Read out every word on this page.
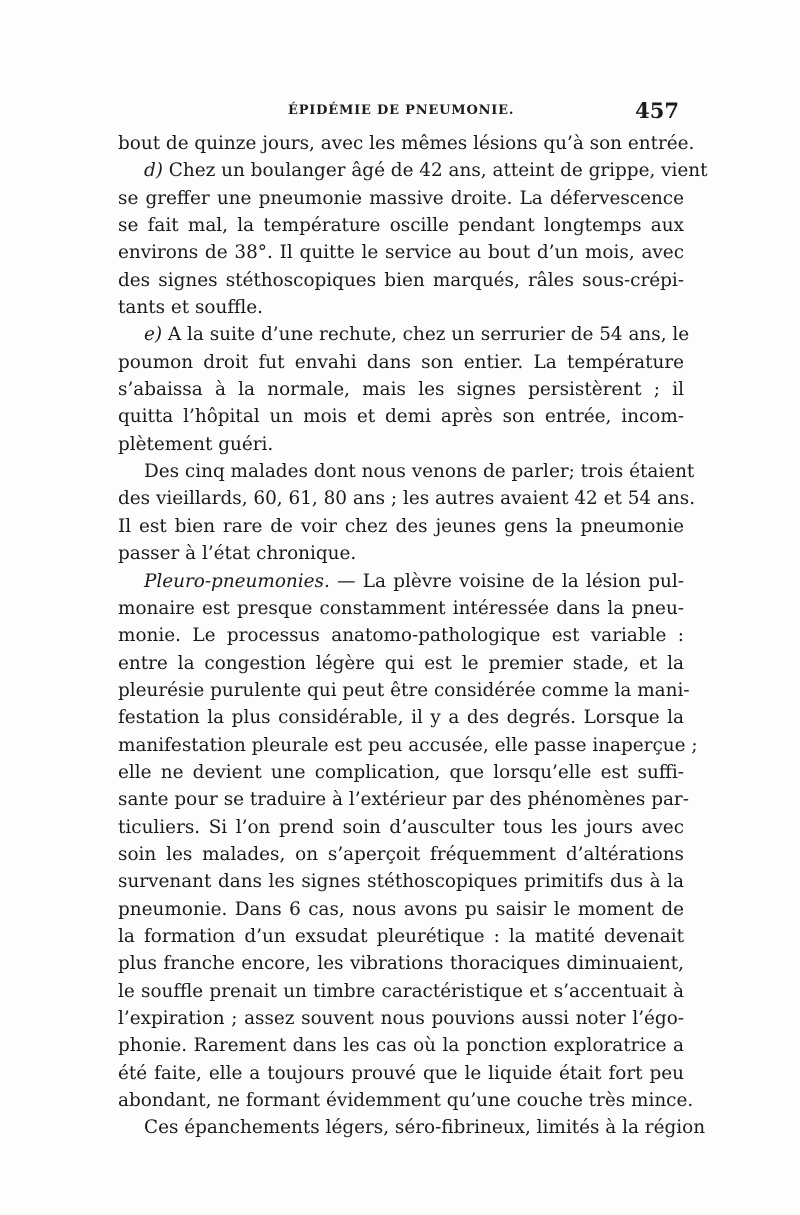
ÉPIDÉMIE DE PNEUMONIE.	457
bout de quinze jours, avec les mêmes lésions qu’à son entrée.
d) Chez un boulanger âgé de 42 ans, atteint de grippe, vient
se greffer une pneumonie massive droite. La défervescence
se fait mal, la température oscille pendant longtemps aux
environs de 38°. Il quitte le service au bout d’un mois, avec
des signes stéthoscopiques bien marqués, râles sous-crépi-
tants et souffle.
e) A la suite d’une rechute, chez un serrurier de 54 ans, le
poumon droit fut envahi dans son entier. La température
s’abaissa à la normale, mais les signes persistèrent ; il
quitta l’hôpital un mois et demi après son entrée, incom-
plètement guéri.
Des cinq malades dont nous venons de parler; trois étaient
des vieillards, 60, 61, 80 ans ; les autres avaient 42 et 54 ans.
Il est bien rare de voir chez des jeunes gens la pneumonie
passer à l’état chronique.
Pleuro-pneumonies. — La plèvre voisine de la lésion pul-
monaire est presque constamment intéressée dans la pneu-
monie. Le processus anatomo-pathologique est variable :
entre la congestion légère qui est le premier stade, et la
pleurésie purulente qui peut être considérée comme la mani-
festation la plus considérable, il y a des degrés. Lorsque la
manifestation pleurale est peu accusée, elle passe inaperçue ;
elle ne devient une complication, que lorsqu’elle est suffi-
sante pour se traduire à l’extérieur par des phénomènes par-
ticuliers. Si l’on prend soin d’ausculter tous les jours avec
soin les malades, on s’aperçoit fréquemment d’altérations
survenant dans les signes stéthoscopiques primitifs dus à la
pneumonie. Dans 6 cas, nous avons pu saisir le moment de
la formation d’un exsudat pleurétique : la matité devenait
plus franche encore, les vibrations thoraciques diminuaient,
le souffle prenait un timbre caractéristique et s’accentuait à
l’expiration ; assez souvent nous pouvions aussi noter l’égo-
phonie. Rarement dans les cas où la ponction exploratrice a
été faite, elle a toujours prouvé que le liquide était fort peu
abondant, ne formant évidemment qu’une couche très mince.
Ces épanchements légers, séro-fibrineux, limités à la région
